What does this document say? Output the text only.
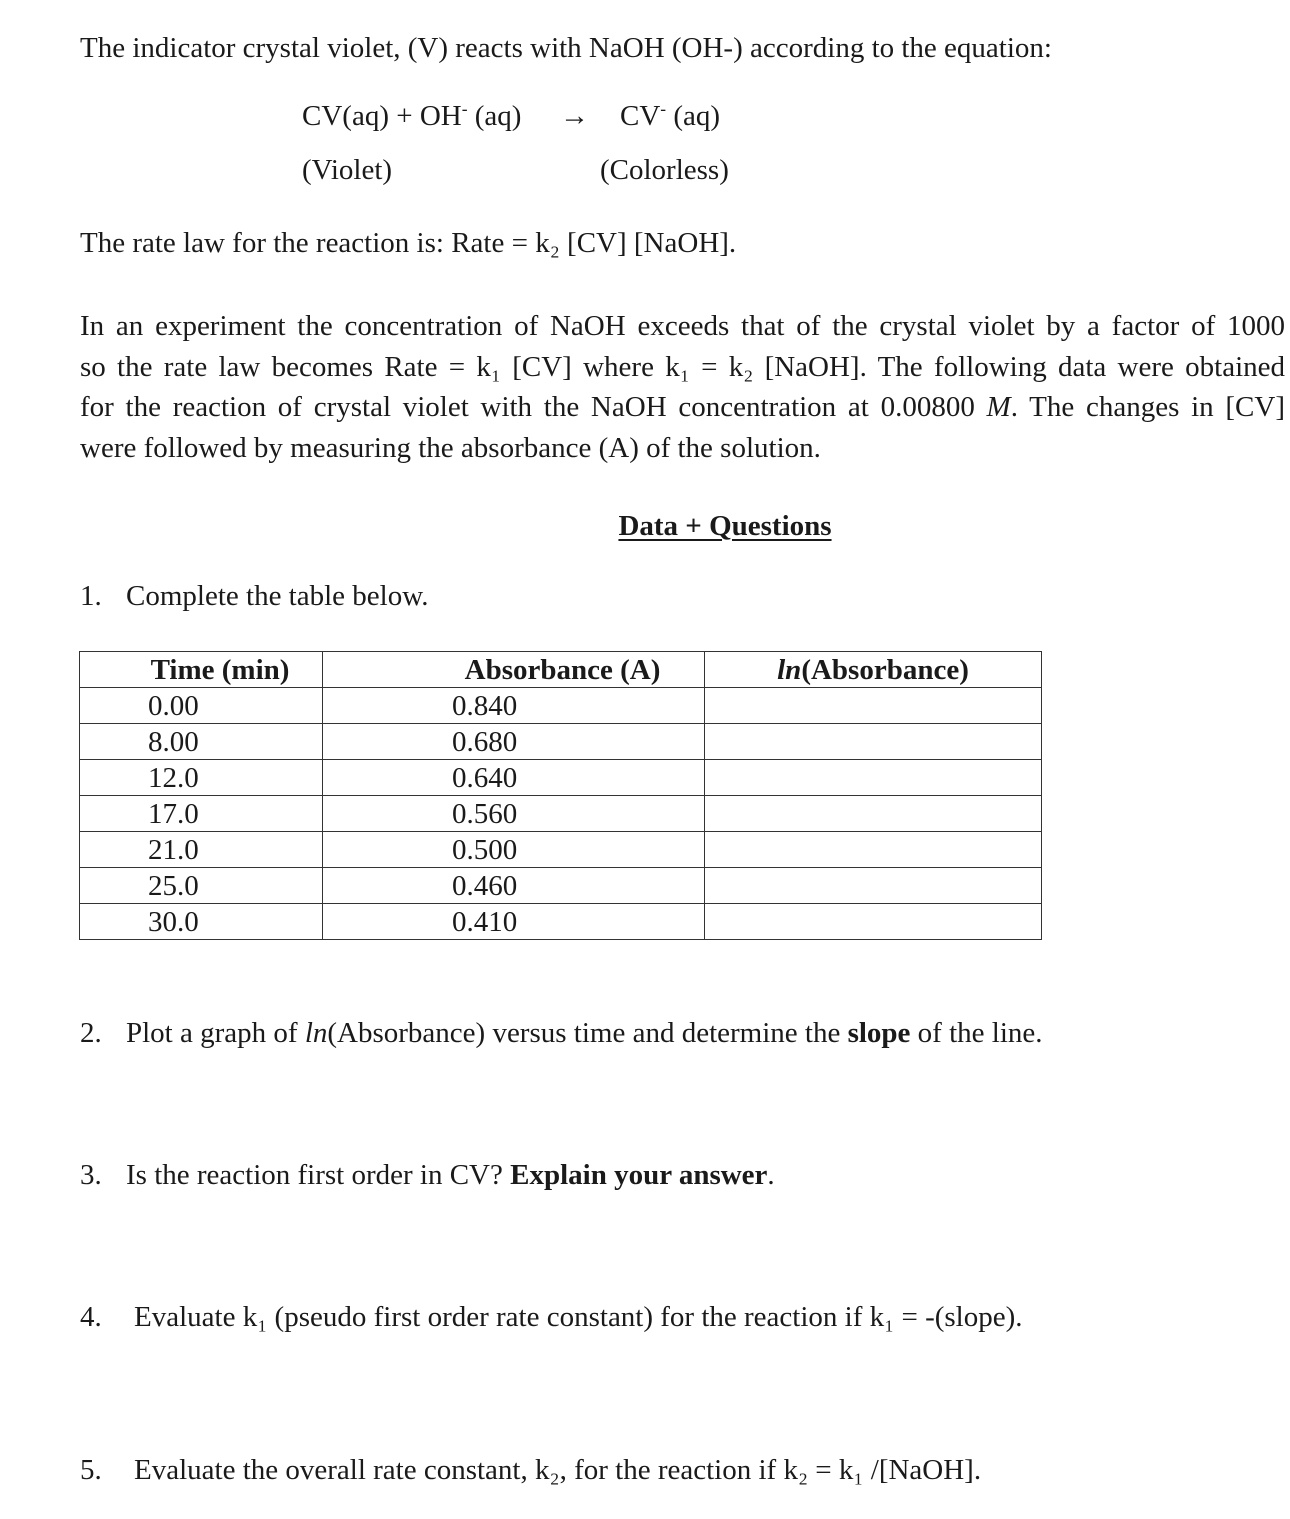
The indicator crystal violet, (V) reacts with NaOH (OH-) according to the equation:
CV(aq) + OH- (aq) → CV- (aq)
(Violet)	(Colorless)
The rate law for the reaction is: Rate = k₂ [CV] [NaOH].
In an experiment the concentration of NaOH exceeds that of the crystal violet by a factor of 1000
so the rate law becomes Rate = k₁ [CV] where k₁ = k₂ [NaOH]. The following data were obtained
for the reaction of crystal violet with the NaOH concentration at 0.00800 M. The changes in [CV]
were followed by measuring the absorbance (A) of the solution.
Data + Questions
1. Complete the table below.
Time (min)	Absorbance (A)	ln(Absorbance)
0.00	0.840	
8.00	0.680	
12.0	0.640	
17.0	0.560	
21.0	0.500	
25.0	0.460	
30.0	0.410	
2. Plot a graph of ln(Absorbance) versus time and determine the slope of the line.
3. Is the reaction first order in CV? Explain your answer.
4. Evaluate k₁ (pseudo first order rate constant) for the reaction if k₁ = -(slope).
5. Evaluate the overall rate constant, k₂, for the reaction if k₂ = k₁ /[NaOH].
